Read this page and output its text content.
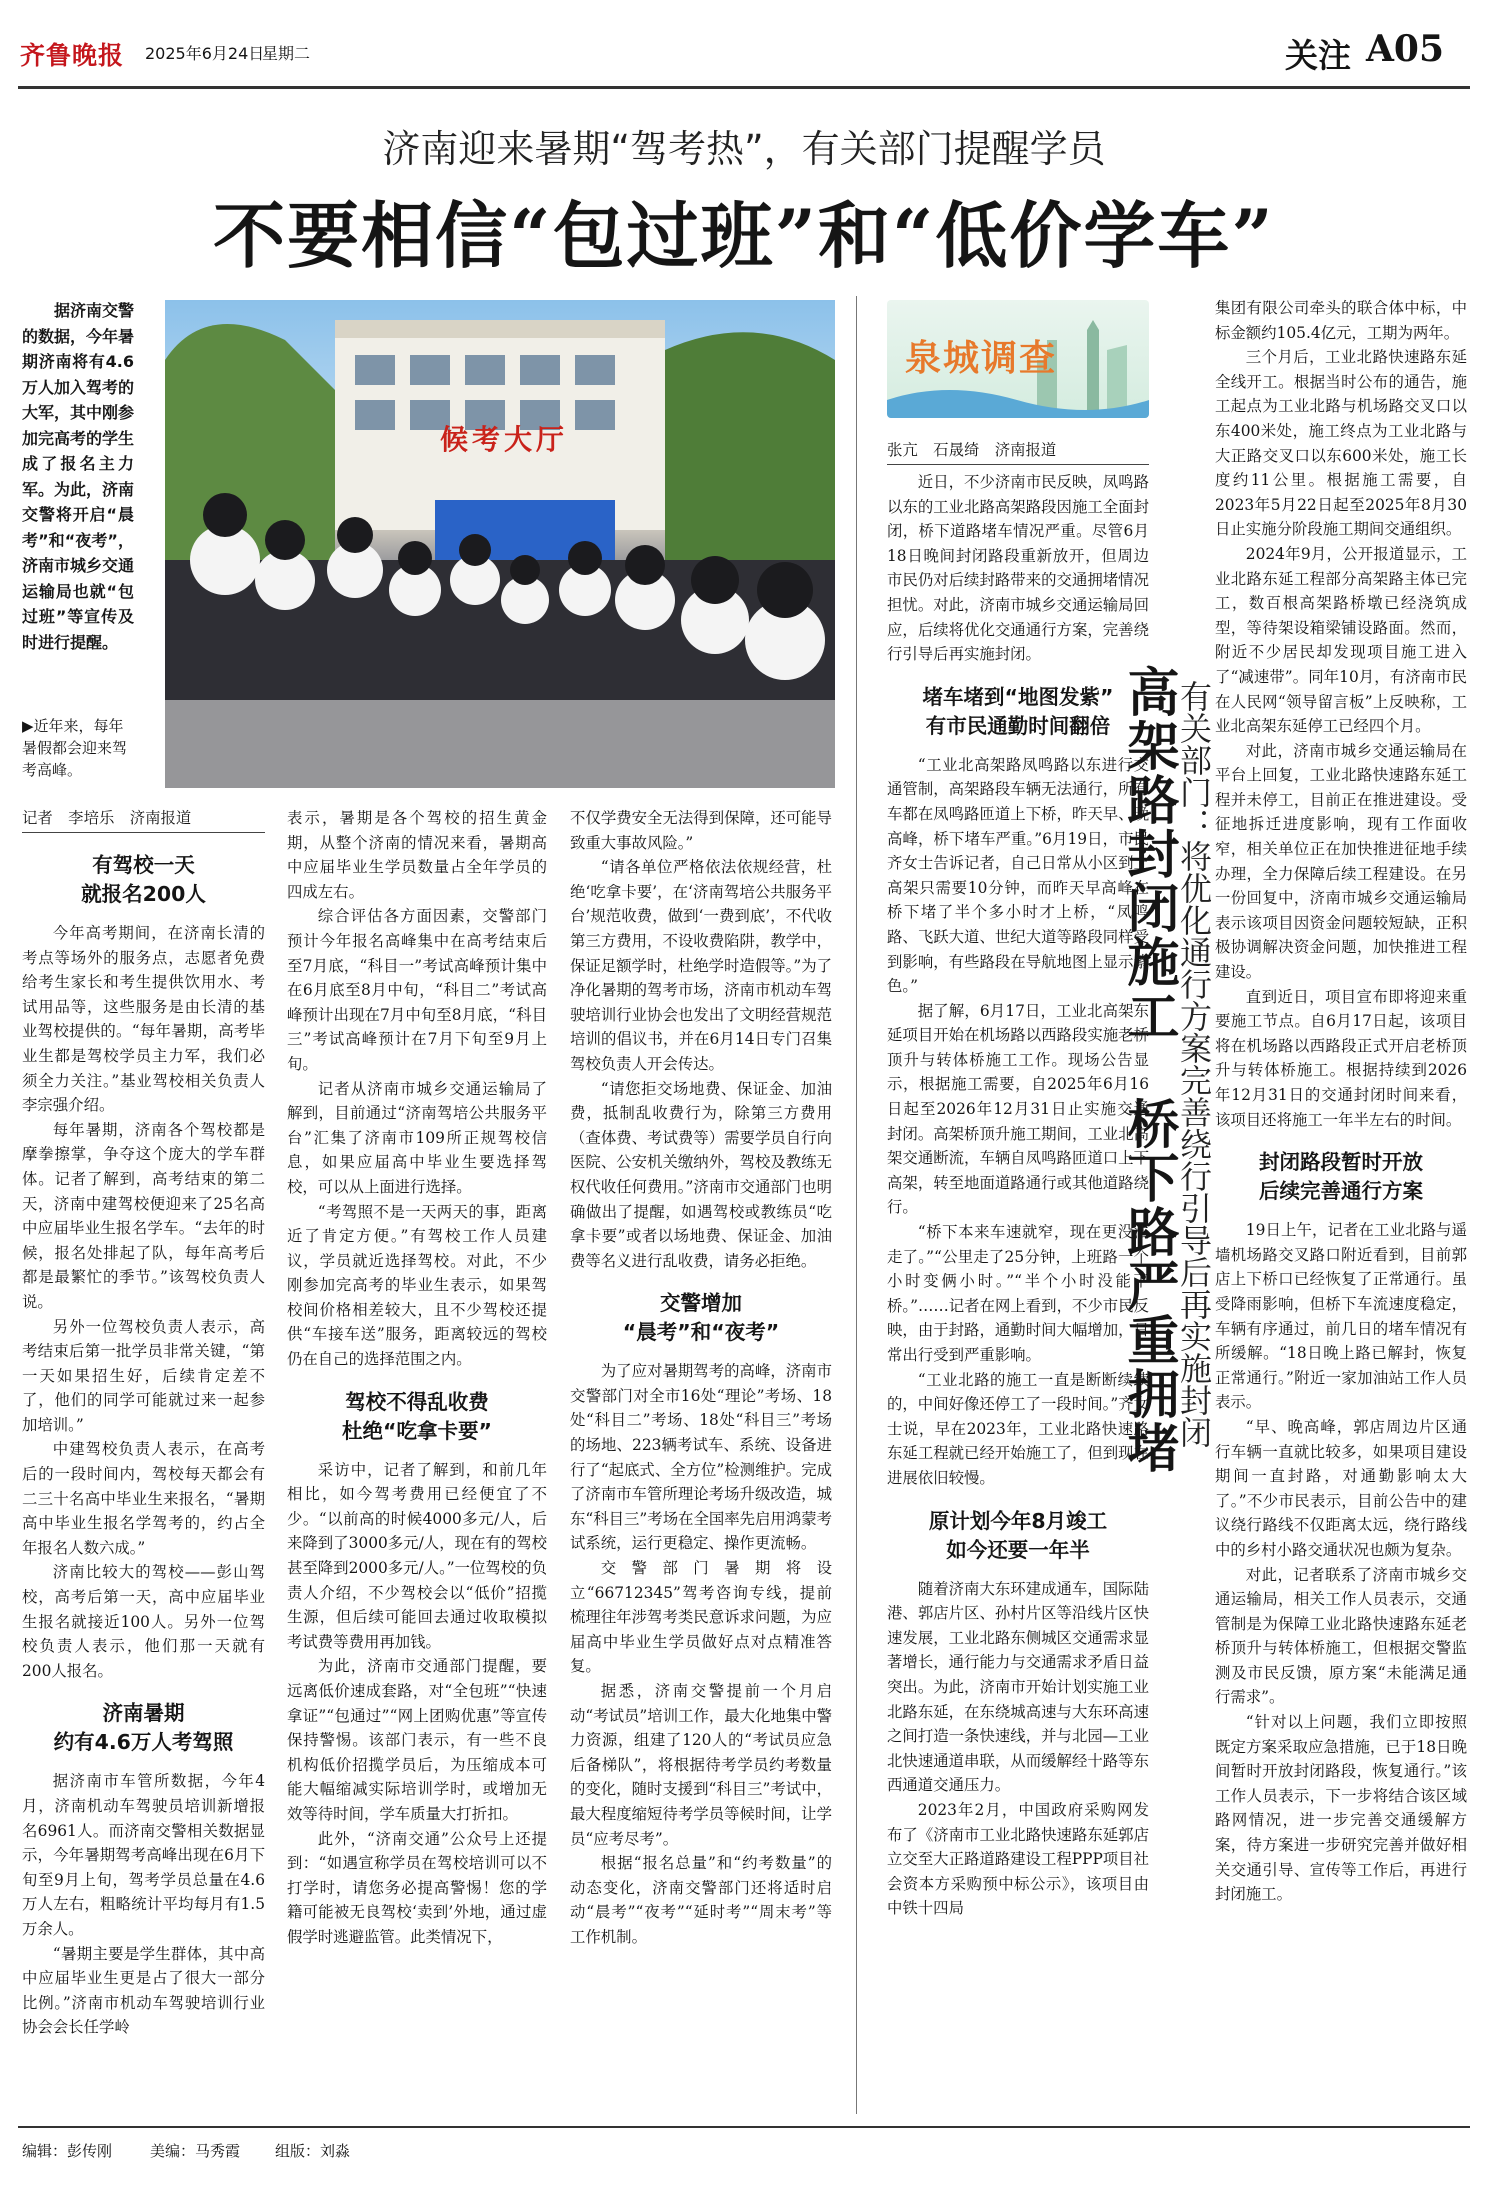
齐鲁晚报 2025年6月24日
星期二	关注 A05
济南迎来暑期“驾考热”，有关部门提醒学员
不要相信“包过班”和“低价学车”

据济南交警的数据，今年暑期济南将有4.6万人加入驾考的大军，其中刚参加完高考的学生成了报名主力军。为此，济南交警将开启“晨考”和“夜考”，济南市城乡交通运输局也就“包过班”等宣传及时进行提醒。

▶近年来，每年暑假都会迎来驾考高峰。
候考大厅
记者　李培乐　济南报道
有驾校一天
就报名200人

今年高考期间，在济南长清的考点等场外的服务点，志愿者免费给考生家长和考生提供饮用水、考试用品等，这些服务是由长清的基业驾校提供的。“每年暑期，高考毕业生都是驾校学员主力军，我们必须全力关注。”基业驾校相关负责人李宗强介绍。

每年暑期，济南各个驾校都是摩拳擦掌，争夺这个庞大的学车群体。记者了解到，高考结束的第二天，济南中建驾校便迎来了25名高中应届毕业生报名学车。“去年的时候，报名处排起了队，每年高考后都是最繁忙的季节。”该驾校负责人说。

另外一位驾校负责人表示，高考结束后第一批学员非常关键，“第一天如果招生好，后续肯定差不了，他们的同学可能就过来一起参加培训。”

中建驾校负责人表示，在高考后的一段时间内，驾校每天都会有二三十名高中毕业生来报名，“暑期高中毕业生报名学驾考的，约占全年报名人数六成。”

济南比较大的驾校——彭山驾校，高考后第一天，高中应届毕业生报名就接近100人。另外一位驾校负责人表示，他们那一天就有200人报名。

济南暑期
约有4.6万人考驾照

据济南市车管所数据，今年4月，济南机动车驾驶员培训新增报名6961人。而济南交警相关数据显示，今年暑期驾考高峰出现在6月下旬至9月上旬，驾考学员总量在4.6万人左右，粗略统计平均每月有1.5万余人。

“暑期主要是学生群体，其中高中应届毕业生更是占了很大一部分比例。”济南市机动车驾驶培训行业协会会长任学岭

表示，暑期是各个驾校的招生黄金期，从整个济南的情况来看，暑期高中应届毕业生学员数量占全年学员的四成左右。

综合评估各方面因素，交警部门预计今年报名高峰集中在高考结束后至7月底，“科目一”考试高峰预计集中在6月底至8月中旬，“科目二”考试高峰预计出现在7月中旬至8月底，“科目三”考试高峰预计在7月下旬至9月上旬。

记者从济南市城乡交通运输局了解到，目前通过“济南驾培公共服务平台”汇集了济南市109所正规驾校信息，如果应届高中毕业生要选择驾校，可以从上面进行选择。

“考驾照不是一天两天的事，距离近了肯定方便。”有驾校工作人员建议，学员就近选择驾校。对此，不少刚参加完高考的毕业生表示，如果驾校间价格相差较大，且不少驾校还提供“车接车送”服务，距离较远的驾校仍在自己的选择范围之内。

驾校不得乱收费
杜绝“吃拿卡要”

采访中，记者了解到，和前几年相比，如今驾考费用已经便宜了不少。“以前高的时候4000多元/人，后来降到了3000多元/人，现在有的驾校甚至降到2000多元/人。”一位驾校的负责人介绍，不少驾校会以“低价”招揽生源，但后续可能回去通过收取模拟考试费等费用再加钱。

为此，济南市交通部门提醒，要远离低价速成套路，对“全包班”“快速拿证”“包通过”“网上团购优惠”等宣传保持警惕。该部门表示，有一些不良机构低价招揽学员后，为压缩成本可能大幅缩减实际培训学时，或增加无效等待时间，学车质量大打折扣。

此外，“济南交通”公众号上还提到：“如遇宣称学员在驾校培训可以不打学时，请您务必提高警惕！您的学籍可能被无良驾校‘卖到’外地，通过虚假学时逃避监管。此类情况下，

不仅学费安全无法得到保障，还可能导致重大事故风险。”

“请各单位严格依法依规经营，杜绝‘吃拿卡要’，在‘济南驾培公共服务平台’规范收费，做到‘一费到底’，不代收第三方费用，不设收费陷阱，教学中，保证足额学时，杜绝学时造假等。”为了净化暑期的驾考市场，济南市机动车驾驶培训行业协会也发出了文明经营规范培训的倡议书，并在6月14日专门召集驾校负责人开会传达。

“请您拒交场地费、保证金、加油费，抵制乱收费行为，除第三方费用（查体费、考试费等）需要学员自行向医院、公安机关缴纳外，驾校及教练无权代收任何费用。”济南市交通部门也明确做出了提醒，如遇驾校或教练员“吃拿卡要”或者以场地费、保证金、加油费等名义进行乱收费，请务必拒绝。

交警增加
“晨考”和“夜考”

为了应对暑期驾考的高峰，济南市交警部门对全市16处“理论”考场、18处“科目二”考场、18处“科目三”考场的场地、223辆考试车、系统、设备进行了“起底式、全方位”检测维护。完成了济南市车管所理论考场升级改造，城东“科目三”考场在全国率先启用鸿蒙考试系统，运行更稳定、操作更流畅。

交警部门暑期将设立“66712345”驾考咨询专线，提前梳理往年涉驾考类民意诉求问题，为应届高中毕业生学员做好点对点精准答复。

据悉，济南交警提前一个月启动“考试员”培训工作，最大化地集中警力资源，组建了120人的“考试员应急后备梯队”，将根据待考学员约考数量的变化，随时支援到“科目三”考试中，最大程度缩短待考学员等候时间，让学员“应考尽考”。

根据“报名总量”和“约考数量”的动态变化，济南交警部门还将适时启动“晨考”“夜考”“延时考”“周末考”等工作机制。

泉城调查
张亢　石晟绮　济南报道

近日，不少济南市民反映，凤鸣路以东的工业北路高架路段因施工全面封闭，桥下道路堵车情况严重。尽管6月18日晚间封闭路段重新放开，但周边市民仍对后续封路带来的交通拥堵情况担忧。对此，济南市城乡交通运输局回应，后续将优化交通通行方案，完善绕行引导后再实施封闭。

堵车堵到“地图发紫”
有市民通勤时间翻倍

“工业北高架路凤鸣路以东进行交通管制，高架路段车辆无法通行，所有车都在凤鸣路匝道上下桥，昨天早、晚高峰，桥下堵车严重。”6月19日，市民齐女士告诉记者，自己日常从小区到上高架只需要10分钟，而昨天早高峰在桥下堵了半个多小时才上桥，“凤鸣路、飞跃大道、世纪大道等路段同样受到影响，有些路段在导航地图上显示紫色。”

据了解，6月17日，工业北高架东延项目开始在机场路以西路段实施老桥顶升与转体桥施工工作。现场公告显示，根据施工需要，自2025年6月16日起至2026年12月31日止实施交通封闭。高架桥顶升施工期间，工业北高架交通断流，车辆自凤鸣路匝道口上下高架，转至地面道路通行或其他道路绕行。

“桥下本来车速就窄，现在更没法走了。”“公里走了25分钟，上班路一个小时变俩小时。”“半个小时没能下桥。”……记者在网上看到，不少市民反映，由于封路，通勤时间大幅增加，日常出行受到严重影响。

“工业北路的施工一直是断断续续的，中间好像还停工了一段时间。”齐女士说，早在2023年，工业北路快速路东延工程就已经开始施工了，但到现在进展依旧较慢。

原计划今年8月竣工
如今还要一年半

随着济南大东环建成通车，国际陆港、郭店片区、孙村片区等沿线片区快速发展，工业北路东侧城区交通需求显著增长，通行能力与交通需求矛盾日益突出。为此，济南市开始计划实施工业北路东延，在东绕城高速与大东环高速之间打造一条快速线，并与北园—工业北快速通道串联，从而缓解经十路等东西通道交通压力。

2023年2月，中国政府采购网发布了《济南市工业北路快速路东延郭店立交至大正路道路建设工程PPP项目社会资本方采购预中标公示》，该项目由中铁十四局

高架路封闭施工　桥下路严重拥堵
有关部门：将优化通行方案完善绕行引导后再实施封闭

集团有限公司牵头的联合体中标，中标金额约105.4亿元，工期为两年。

三个月后，工业北路快速路东延全线开工。根据当时公布的通告，施工起点为工业北路与机场路交叉口以东400米处，施工终点为工业北路与大正路交叉口以东600米处，施工长度约11公里。根据施工需要，自2023年5月22日起至2025年8月30日止实施分阶段施工期间交通组织。

2024年9月，公开报道显示，工业北路东延工程部分高架路主体已完工，数百根高架路桥墩已经浇筑成型，等待架设箱梁铺设路面。然而，附近不少居民却发现项目施工进入了“减速带”。同年10月，有济南市民在人民网“领导留言板”上反映称，工业北高架东延停工已经四个月。

对此，济南市城乡交通运输局在平台上回复，工业北路快速路东延工程并未停工，目前正在推进建设。受征地拆迁进度影响，现有工作面收窄，相关单位正在加快推进征地手续办理，全力保障后续工程建设。在另一份回复中，济南市城乡交通运输局表示该项目因资金问题较短缺，正积极协调解决资金问题，加快推进工程建设。

直到近日，项目宣布即将迎来重要施工节点。自6月17日起，该项目将在机场路以西路段正式开启老桥顶升与转体桥施工。根据持续到2026年12月31日的交通封闭时间来看，该项目还将施工一年半左右的时间。

封闭路段暂时开放
后续完善通行方案

19日上午，记者在工业北路与遥墙机场路交叉路口附近看到，目前郭店上下桥口已经恢复了正常通行。虽受降雨影响，但桥下车流速度稳定，车辆有序通过，前几日的堵车情况有所缓解。“18日晚上路已解封，恢复正常通行。”附近一家加油站工作人员表示。

“早、晚高峰，郭店周边片区通行车辆一直就比较多，如果项目建设期间一直封路，对通勤影响太大了。”不少市民表示，目前公告中的建议绕行路线不仅距离太远，绕行路线中的乡村小路交通状况也颇为复杂。

对此，记者联系了济南市城乡交通运输局，相关工作人员表示，交通管制是为保障工业北路快速路东延老桥顶升与转体桥施工，但根据交警监测及市民反馈，原方案“未能满足通行需求”。

“针对以上问题，我们立即按照既定方案采取应急措施，已于18日晚间暂时开放封闭路段，恢复通行。”该工作人员表示，下一步将结合该区域路网情况，进一步完善交通缓解方案，待方案进一步研究完善并做好相关交通引导、宣传等工作后，再进行封闭施工。

编辑：彭传刚	美编：马秀霞 组版：刘淼
